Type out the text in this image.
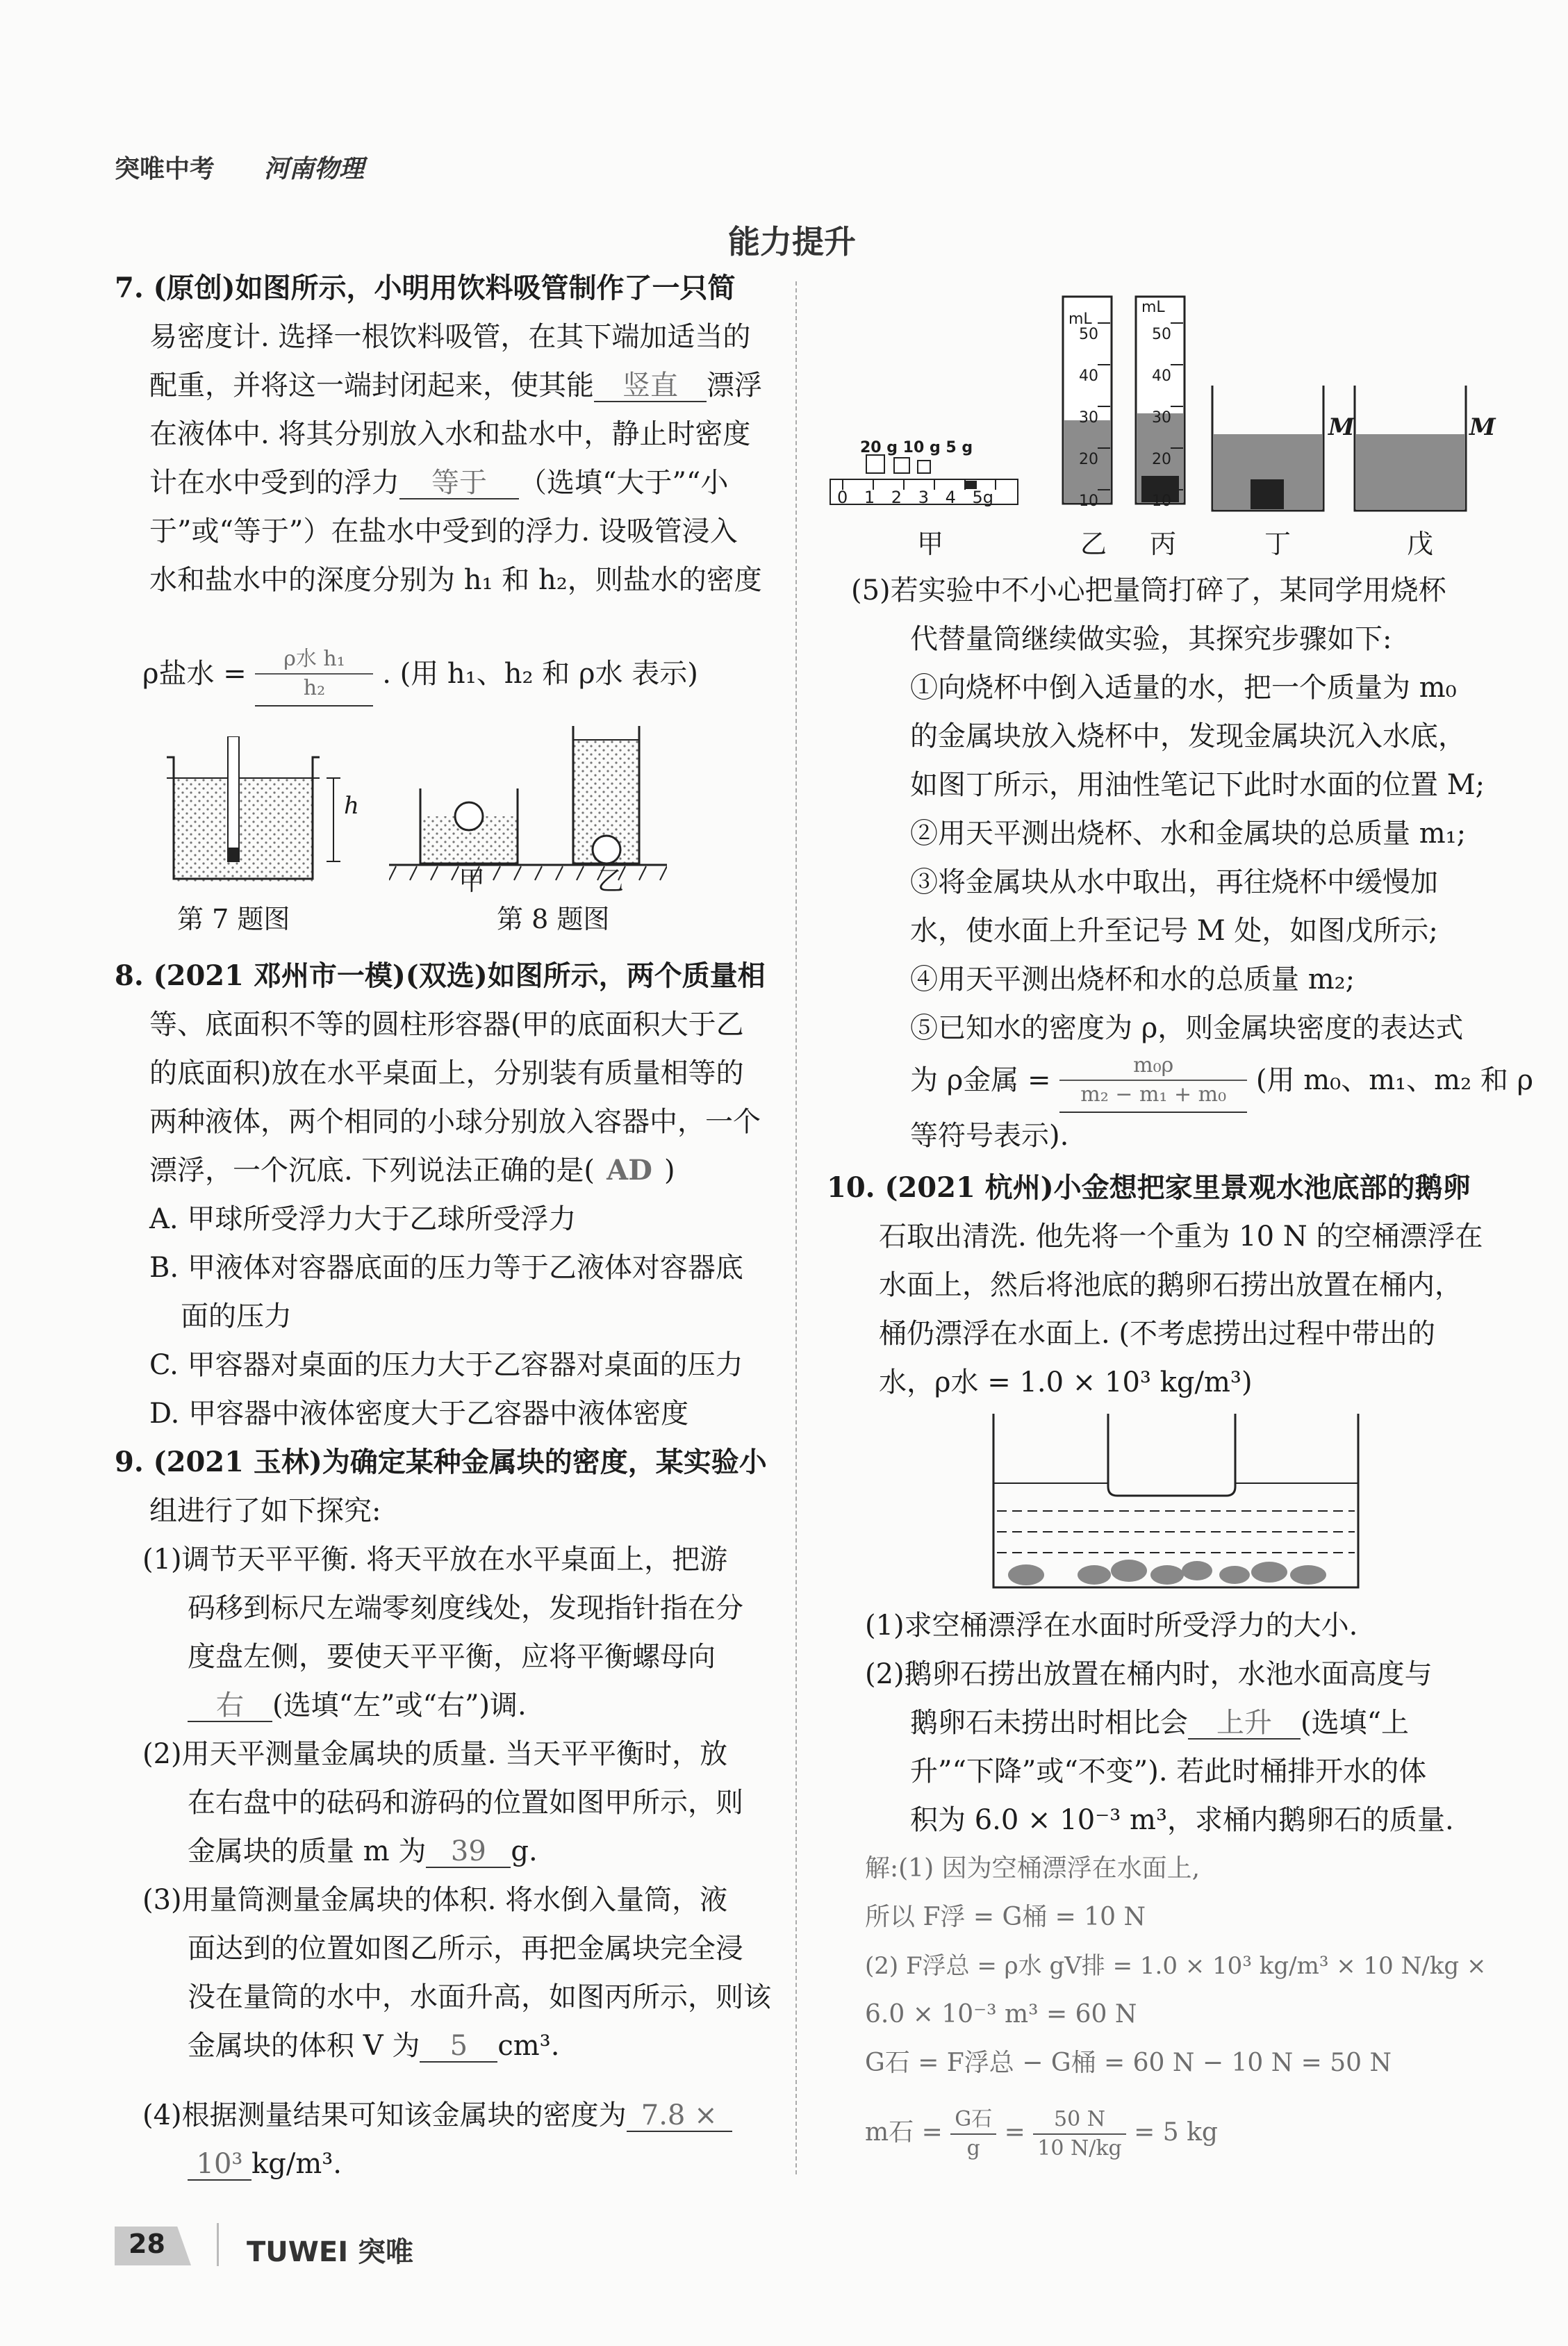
突唯中考 河南物理
能力提升
7. (原创)如图所示，小明用饮料吸管制作了一只简
易密度计. 选择一根饮料吸管，在其下端加适当的
配重，并将这一端封闭起来，使其能 竖直 漂浮
在液体中. 将其分别放入水和盐水中，静止时密度
计在水中受到的浮力 等于 （选填“大于”“小
于”或“等于”）在盐水中受到的浮力. 设吸管浸入
水和盐水中的深度分别为 h₁ 和 h₂，则盐水的密度
ρ盐水 = $\frac{\text{ρ水 h₁}}{\text{h₂}}$ . (用 h₁、h₂ 和 ρ水 表示)
h
第 7 题图
甲	乙
第 8 题图
8. (2021 邓州市一模)(双选)如图所示，两个质量相
等、底面积不等的圆柱形容器(甲的底面积大于乙
的底面积)放在水平桌面上，分别装有质量相等的
两种液体，两个相同的小球分别放入容器中，一个
漂浮，一个沉底. 下列说法正确的是( AD )
A. 甲球所受浮力大于乙球所受浮力
B. 甲液体对容器底面的压力等于乙液体对容器底
面的压力
C. 甲容器对桌面的压力大于乙容器对桌面的压力
D. 甲容器中液体密度大于乙容器中液体密度
9. (2021 玉林)为确定某种金属块的密度，某实验小
组进行了如下探究:
(1)调节天平平衡. 将天平放在水平桌面上，把游
码移到标尺左端零刻度线处，发现指针指在分
度盘左侧，要使天平平衡，应将平衡螺母向
右 (选填“左”或“右”)调.
(2)用天平测量金属块的质量. 当天平平衡时，放
在右盘中的砝码和游码的位置如图甲所示，则
金属块的质量 m 为 39 g.
(3)用量筒测量金属块的体积. 将水倒入量筒，液
面达到的位置如图乙所示，再把金属块完全浸
没在量筒的水中，水面升高，如图丙所示，则该
金属块的体积 V 为 5 cm³.
(4)根据测量结果可知该金属块的密度为 7.8 ×
10³ kg/m³.
20 g 10 g 5 g
0 1 2 3 4 5g
mL
mL
50
40
30
20
10
50
40
30
20
10
M	M
甲	乙 丙	丁	戊
(5)若实验中不小心把量筒打碎了，某同学用烧杯
代替量筒继续做实验，其探究步骤如下:
①向烧杯中倒入适量的水，把一个质量为 m₀
的金属块放入烧杯中，发现金属块沉入水底，
如图丁所示，用油性笔记下此时水面的位置 M;
②用天平测出烧杯、水和金属块的总质量 m₁;
③将金属块从水中取出，再往烧杯中缓慢加
水，使水面上升至记号 M 处，如图戊所示;
④用天平测出烧杯和水的总质量 m₂;
⑤已知水的密度为 ρ，则金属块密度的表达式
为 ρ金属 = $\frac{\text{m₀ρ}}{\text{m₂ − m₁ + m₀}}$ (用 m₀、m₁、m₂ 和 ρ
等符号表示).
10. (2021 杭州)小金想把家里景观水池底部的鹅卵
石取出清洗. 他先将一个重为 10 N 的空桶漂浮在
水面上，然后将池底的鹅卵石捞出放置在桶内，
桶仍漂浮在水面上. (不考虑捞出过程中带出的
水，ρ水 = 1.0 × 10³ kg/m³)
(1)求空桶漂浮在水面时所受浮力的大小.
(2)鹅卵石捞出放置在桶内时，水池水面高度与
鹅卵石未捞出时相比会 上升 (选填“上
升”“下降”或“不变”). 若此时桶排开水的体
积为 6.0 × 10⁻³ m³，求桶内鹅卵石的质量.
解:(1) 因为空桶漂浮在水面上,
所以 F浮 = G桶 = 10 N
(2) F浮总 = ρ水 gV排 = 1.0 × 10³ kg/m³ × 10 N/kg ×
6.0 × 10⁻³ m³ = 60 N
G石 = F浮总 − G桶 = 60 N − 10 N = 50 N
m石 = $\frac{\text{G石}}{g} = \frac{50 N}{10 N/kg} = 5$ kg
28	TUWEI 突唯
